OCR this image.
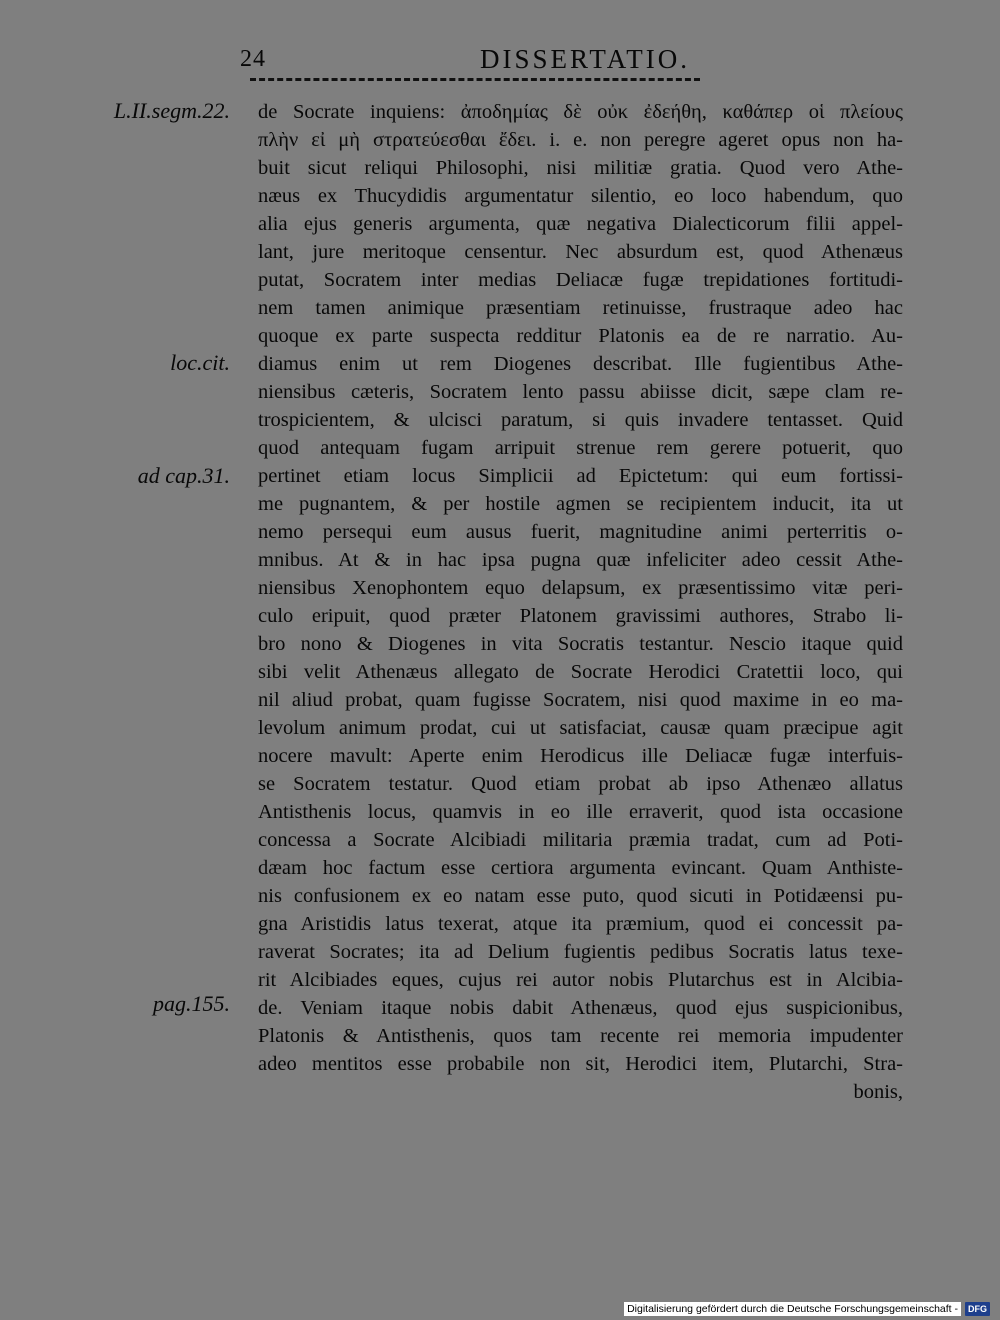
24	DISSERTATIO.
L.II.segm.22.
loc.cit.
ad cap.31.
pag.155.
de Socrate inquiens: ἀποδημίας δὲ οὐκ ἐδεήθη, καθάπερ οἱ πλείους
πλὴν εἰ μὴ στρατεύεσθαι ἔδει. i. e. non peregre ageret opus non ha-
buit sicut reliqui Philosophi, nisi militiæ gratia. Quod vero Athe-
næus ex Thucydidis argumentatur silentio, eo loco habendum, quo
alia ejus generis argumenta, quæ negativa Dialecticorum filii appel-
lant, jure meritoque censentur. Nec absurdum est, quod Athenæus
putat, Socratem inter medias Deliacæ fugæ trepidationes fortitudi-
nem tamen animique præsentiam retinuisse, frustraque adeo hac
quoque ex parte suspecta redditur Platonis ea de re narratio. Au-
diamus enim ut rem Diogenes describat. Ille fugientibus Athe-
niensibus cæteris, Socratem lento passu abiisse dicit, sæpe clam re-
trospicientem, & ulcisci paratum, si quis invadere tentasset. Quid
quod antequam fugam arripuit strenue rem gerere potuerit, quo
pertinet etiam locus Simplicii ad Epictetum: qui eum fortissi-
me pugnantem, & per hostile agmen se recipientem inducit, ita ut
nemo persequi eum ausus fuerit, magnitudine animi perterritis o-
mnibus. At & in hac ipsa pugna quæ infeliciter adeo cessit Athe-
niensibus Xenophontem equo delapsum, ex præsentissimo vitæ peri-
culo eripuit, quod præter Platonem gravissimi authores, Strabo li-
bro nono & Diogenes in vita Socratis testantur. Nescio itaque quid
sibi velit Athenæus allegato de Socrate Herodici Cratettii loco, qui
nil aliud probat, quam fugisse Socratem, nisi quod maxime in eo ma-
levolum animum prodat, cui ut satisfaciat, causæ quam præcipue agit
nocere mavult: Aperte enim Herodicus ille Deliacæ fugæ interfuis-
se Socratem testatur. Quod etiam probat ab ipso Athenæo allatus
Antisthenis locus, quamvis in eo ille erraverit, quod ista occasione
concessa a Socrate Alcibiadi militaria præmia tradat, cum ad Poti-
dæam hoc factum esse certiora argumenta evincant. Quam Anthiste-
nis confusionem ex eo natam esse puto, quod sicuti in Potidæensi pu-
gna Aristidis latus texerat, atque ita præmium, quod ei concessit pa-
raverat Socrates; ita ad Delium fugientis pedibus Socratis latus texe-
rit Alcibiades eques, cujus rei autor nobis Plutarchus est in Alcibia-
de. Veniam itaque nobis dabit Athenæus, quod ejus suspicionibus,
Platonis & Antisthenis, quos tam recente rei memoria impudenter
adeo mentitos esse probabile non sit, Herodici item, Plutarchi, Stra-
bonis,
Digitalisierung gefördert durch die Deutsche Forschungsgemeinschaft -	DFG
